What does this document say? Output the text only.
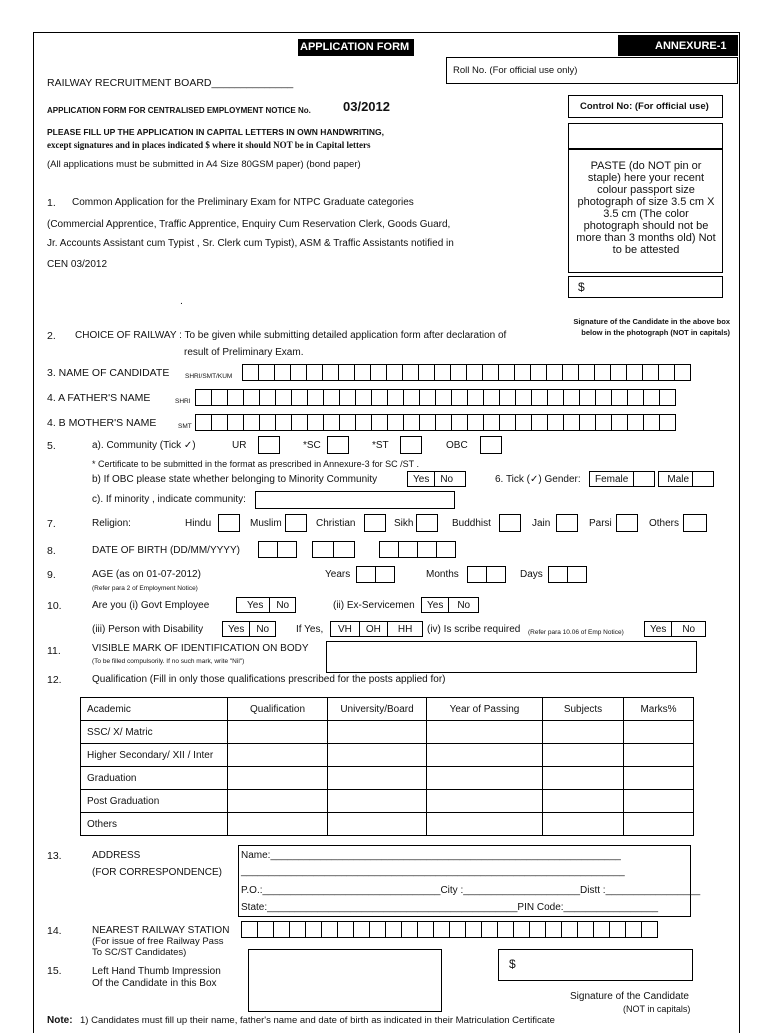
APPLICATION FORM	ANNEXURE-1
Roll No. (For official use only)
RAILWAY RECRUITMENT BOARD______________
APPLICATION FORM FOR CENTRALISED EMPLOYMENT NOTICE No. 03/2012
PLEASE FILL UP THE APPLICATION IN CAPITAL LETTERS IN OWN HANDWRITING,
except signatures and in places indicated $ where it should NOT be in Capital letters
(All applications must be submitted in A4 Size 80GSM paper) (bond paper)
Control No: (For official use)
PASTE (do NOT pin or staple) here your recent colour passport size photograph of size 3.5 cm X 3.5 cm (The color photograph should not be more than 3 months old) Not to be attested
$
Signature of the Candidate in the above box below in the photograph (NOT in capitals)
1. Common Application for the Preliminary Exam for NTPC Graduate categories
(Commercial Apprentice, Traffic Apprentice, Enquiry Cum Reservation Clerk, Goods Guard,
Jr. Accounts Assistant cum Typist , Sr. Clerk cum Typist), ASM & Traffic Assistants notified in
CEN 03/2012
.
2. CHOICE OF RAILWAY : To be given while submitting detailed application form after declaration of
result of Preliminary Exam.
3. NAME OF CANDIDATE SHRI/SMT/KUM
4. A FATHER'S NAME	SHRI
4. B MOTHER'S NAME	SMT
5.	a). Community (Tick ✓)	UR	*SC	*ST	OBC
* Certificate to be submitted in the format as prescribed in Annexure-3 for SC /ST .
b) If OBC please state whether belonging to Minority Community	Yes	No	6. Tick (✓) Gender:	Female	Male
c). If minority , indicate community:
7.	Religion:	Hindu	Muslim	Christian	Sikh	Buddhist	Jain	Parsi	Others
8.	DATE OF BIRTH (DD/MM/YYYY)
9.	AGE (as on 01-07-2012)
(Refer para 2 of Employment Notice)
Years	Months	Days
10.	Are you (i) Govt Employee	Yes	No	(ii) Ex-Servicemen	Yes	No
(iii) Person with Disability	Yes	No	If Yes,	VH	OH	HH	(iv) Is scribe required (Refer para 10.06 of Emp Notice)	Yes	No
11.	VISIBLE MARK OF IDENTIFICATION ON BODY
(To be filled compulsorily. If no such mark, write "Nil")
12.	Qualification (Fill in only those qualifications prescribed for the posts applied for)
Academic	Qualification	University/Board	Year of Passing	Subjects	Marks%
SSC/ X/ Matric					
Higher Secondary/ XII / Inter					
Graduation					
Post Graduation					
Others					
13.	ADDRESS
(FOR CORRESPONDENCE)
Name:_______________________________________________________________
_____________________________________________________________________
P.O.:________________________________City :_____________________Distt :_________________
State:_____________________________________________PIN Code:_________________
14.	NEAREST RAILWAY STATION
(For issue of free Railway Pass
To SC/ST Candidates)
15.	Left Hand Thumb Impression
Of the Candidate in this Box
$
Signature of the Candidate
(NOT in capitals)
Note: 1) Candidates must fill up their name, father's name and date of birth as indicated in their Matriculation Certificate
